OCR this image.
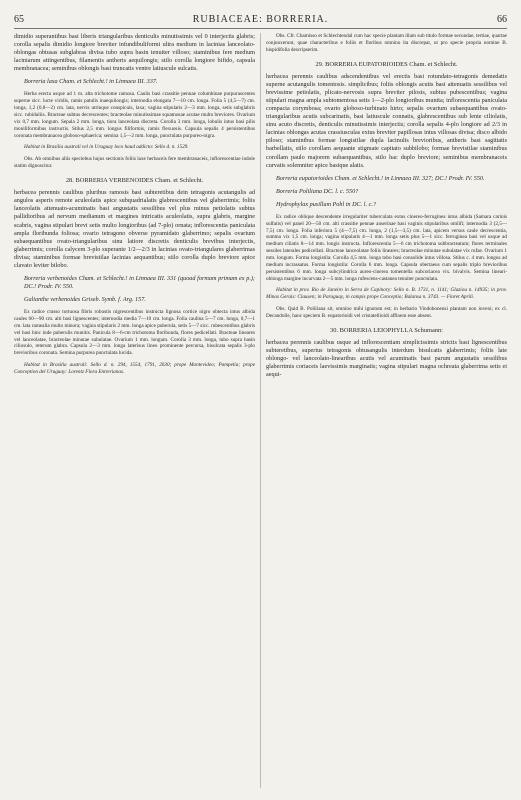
65	RUBIACEAE: BORRERIA.	66
dimidio superantibus basi liberis triangularibus denticulis minutissimis vel 0 interjectis glabris; corolla sepalis dimidio longiore breviter infundibuliformi ultra medium in lacinias lanceolato-oblongas obtusas subglabras divisa tubo supra basin tenuiter villoso; staminibus fere medium laciniarum attingentibus, filamentis antheris aequilongis; stilo corolla longiore bifido, capsula membranacea; seminibus oblongis basi truncatis ventre latiuscule sulcatis.
Borreria laxa Cham. et Schlecht.! in Linnaea III. 337.
Herba erecta usque ad 1 m. alta trichotome ramosa. Caulis basi crassitie pennae columbinae purpurascentes superne sicc. lucte viridis, ramis patulis inaequilongis; internodia elongata 7—10 cm. longa. Folia 5 (4,5—7) cm. longa, 1,2 (0,8—2) cm. lata, nervis utrinque conspicuis, laxa; vagina stipularis 2—3 mm. longa, setis subglabris sicc. rubiduliis. Bracteae subtus decrescentes; bracteolae minutissimae squamosae acutae multo breviores. Ovarium vix 0,7 mm. longum. Sepala 2 mm. longa, tiora lanceolata discreta. Corolla 3 mm. longa, lobulis intus basi pilis moniliformibus instructis. Stilus 2,5 mm. longus filiformis, ramis flexuosis. Capsula sepalis 4 persistentibus coronata membranacea globoso-sphaerica; semina 1,5—2 mm. longa, punctulata purpureo-nigra.
Habitat in Brasilia australi vel in Uruguay loco haud addicto: Sello d. n. 1529.
Obs. Ab omnibus aliis speciebus hujus sectionis foliis laxe herbaceis fere membranaceis, inflorescentiae indole statim dignoscitur.
28. BORRERIA VERBENOIDES Cham. et Schlecht.
herbacea perennis caulibus pluribus ramosis basi subteretibus dein tetragonis acutangulis ad angulos asperis remote aculeolatis apice subquadrialatis glabrescentibus vel glaberrimis; foliis lanceolatis attenuato-acuminatis basi angustatis sessilibus vel plus minus petiolatis subtus pallidioribus ad nervum medianum et margines intricatis aculeolatis, supra glabris, margine scabris, vagina stipulari brevi setis multo longioribus (ad 7-plo) ornata; inflorescentia paniculata ampla floribunda foliosa; ovario tetragono obverse pyramidato glaberrimo; sepalis ovarium subaequantibus ovato-triangularibus sinu latiore discretis denticulis brevibus interjectis, glaberrimis; corolla calycem 3-plo superante 1/2—2/3 in lacinias ovato-triangulares glaberrimas divisa; staminibus formae brevistilae lacinias aequantibus; stilo corolla duplo breviore apice clavato leviter bilobo.
Borreria verbenoides Cham. et Schlecht.! in Linnaea III. 331 (quoad formam primam ex p.); DC.! Prodr. IV. 550.
Galianthe verbenoides Griseb. Symb. f. Arg. 157.
Ex radice crasso tortuosa fibris robustis nigrescentibus instructa lignosa cortice nigro obtecta intus albida caules 60—90 cm. alti basi lignescentes; internodia media 7—10 cm. longa. Folia caulina 5—7 cm. longa, 0,7—1 cm. lata ramealia multo minora; vagina stipularis 2 mm. longa apice puberula, setis 5—7 sicc. rubescentibus glabris vel basi hinc inde puberulis munitis. Panicula 8—6-cm trichotoma floribunda, flores pedicellati. Bracteae lineares vel lanceolatae, bracteolae minutae subulatae. Ovarium 1 mm. longum. Corolla 3 mm. longa, tubo supra basin ciliosulo, reterum glabra. Capsula 2—3 mm. longa laterisus lineo prominente percursa, bisulcata sepalis 3-plo brevioribus coronata. Semina purpurea punctulata lucida.
Habitat in Brasilia australi: Sello d. n. 294, 1554, 1791, 2030; prope Montevideo; Pampelia; prope Conception del Uruguay: Lorentz Flora Entrerianas.
Obs. Cfr. Chamisso et Schlechtendal cum hac specie plantam illam sub titulo formae secundae, tertiae, quartae conjunxerunt, quae characteribus e foliis et floribus omnino ita discrepat, ut pro specie propria nomine B. hispidifolia descripserim.
29. BORRERIA EUPATORIOIDES Cham. et Schlecht.
herbacea perennis caulibus adscendentibus vel erectis basi rotundato-tetragonis demedatis superne acutangulis tomentosis. simplicibus; foliis oblongis acutis basi attenuatis sessilibus vel brevissime petiolatis, plicato-nervosis supra breviter pilosis, subtus pubescentibus; vagina stipulari magna ampla subtomentosa setis 1—2-plo longioribus munita; inflorescentia paniculata compacta corymbosa; ovario globoso-turbinato hirto; sepalis ovarium subaequantibus ovato-triangularibus acutis subcarinatis, basi latiuscule connatis, glabrescentibus sub lente ciliolatis, sinu acuto discretis, denticulis minutissimis interjectis; corolla sepalis 4-plo longiore ad 2/3 in lacinias oblongas acutas crassiusculas extus breviter papillosas intus villosas divisa; disco albido piloso; staminibus formae longistilae dupla lacinulis brevioribus, antheris basi sagittatis barbellatis, stilo corollam aequante stigmate capitato subbilobo; formae brevistilae staminibus corollam paulo majorem subaequantibus, stilo hac duplo breviore; seminibus membranaceis curvatis solemniter apice basique alatis.
Borreria eupatorioides Cham. et Schlecht.! in Linnaea III. 327; DC.! Prodr. IV. 550.
Borreria Poliliana DC. l. c. 550?
Hydrophylax pusillum Pohl in DC. l. c.?
Ex radice oblique descendente irregulariter tuberculata extus cinereo-ferruginea intus albida (Samara carinis sulfatis) vel panel 20—50 cm. alti crassitie pennae anserinae basi vaginis stipularibus omlifi; internodia 3 (2,5—7,5) cm. longa. Folia inferiora 5 (4—7,5) cm. longa, 2 (1,5—3,5) cm. lata, apicem versus caule decrescentia, summa vix 1,5 cm. longa; vagina stipularis 4—1 mm. longa setis plus 5—1 sicc. ferruginea basi vel usque ad medium ciliatis 8—14 mm. longis instructa. Inflorescentia 5—6 cm trichotoma subbracteatum; flores terminales sessiles laterales pedicellati. Bracteae lanceolatae foliis lineares; bracteolae minutae subulatae vix rufae. Ovarium 1 mm. longum. Forma longistila: Corolla 4,5 mm. longa tubo basi consolide intus villosa. Stilus c. 4 mm. longus ad medium incrassatus. Forma longistila: Corolla 6 mm. longa. Capsula obertaeus cum sepalis triplo brevioribus persistentibus 6 mm. longa subcylindrica aureo-cinerea tomentella subcoriacea vix. bivalvis. Semina lineari-oblonga margine incurvata 2—5 mm. longa rufescens-castanea tenuiter punctulata.
Habitat in prov. Rio de Janeiro in Serra de Capinory: Sello n. B. 1731, n. 1141; Glaziou n. 14935; in prov. Minas Gerais: Clausen; in Paraguay, in campis prope Conceptio; Balansa n. 3743. — Floret Aprili.
Obs. Quid B. Poliliana sit, omnino mihi ignotum est; in herbario Vindobonensi plantam non inveni; ex cl. Decandolle, hanc speciem B. eupatorioidi vel cristatellioidi affinem esse absent.
30. BORRERIA LEIOPHYLLA Schumann:
herbacea perennis caulibus usque ad inflorescentiam simplicissimis strictis basi lignescentibus subteretibus, superius tetragonis obtusangulis interdum bisulcatis glaberrimis; foliis late oblongo- vel lanceolato-linearibus acutis vel acuminatis basi parum angustatis sessilibus glaberrimis coriaceis laevissimis marginatis; vagina stipulari magna ochreata glaberrima setis ei aequi-
